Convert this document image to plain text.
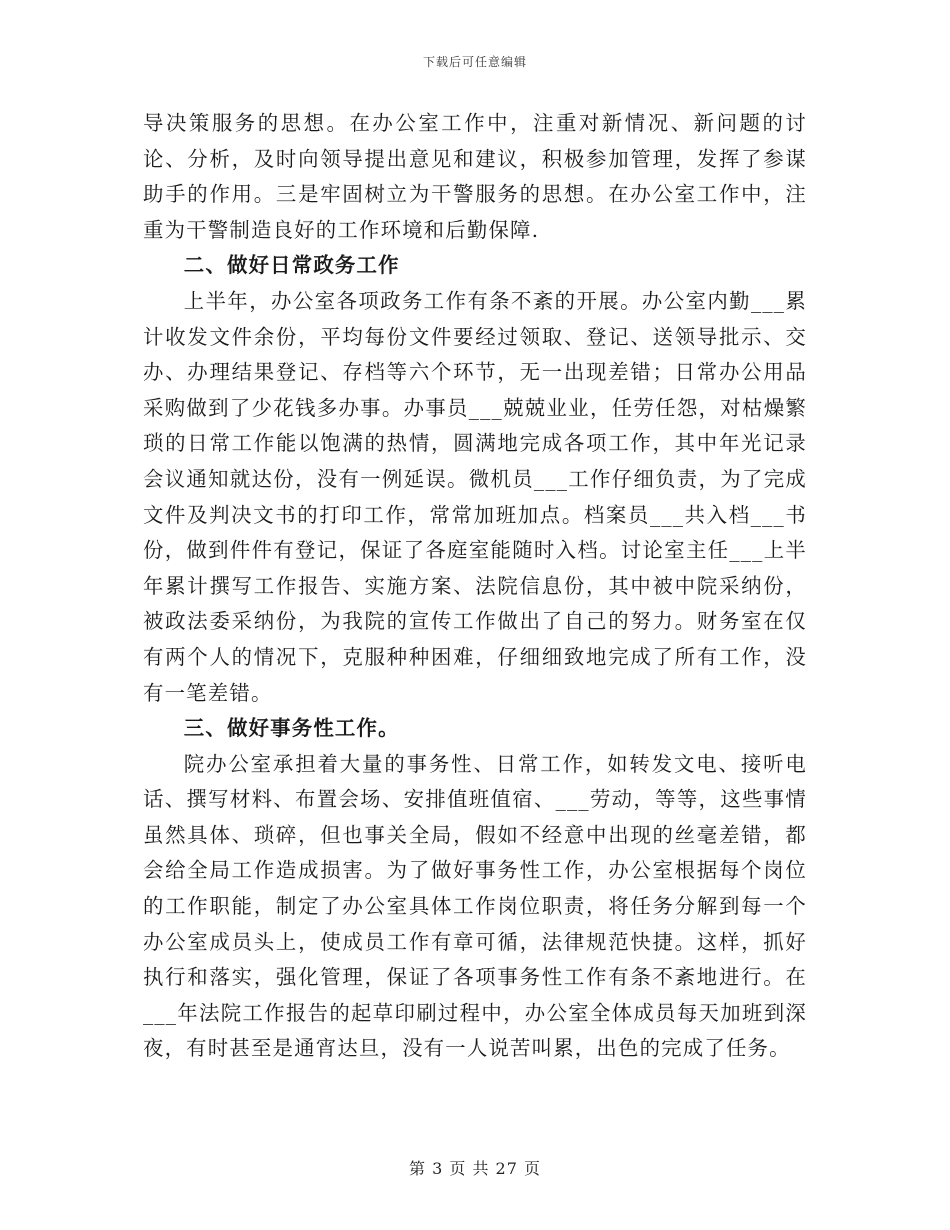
下载后可任意编辑

导决策服务的思想。在办公室工作中，注重对新情况、新问题的讨论、分析，及时向领导提出意见和建议，积极参加管理，发挥了参谋助手的作用。三是牢固树立为干警服务的思想。在办公室工作中，注重为干警制造良好的工作环境和后勤保障.

二、做好日常政务工作

上半年，办公室各项政务工作有条不紊的开展。办公室内勤___累计收发文件余份，平均每份文件要经过领取、登记、送领导批示、交办、办理结果登记、存档等六个环节，无一出现差错；日常办公用品采购做到了少花钱多办事。办事员___兢兢业业，任劳任怨，对枯燥繁琐的日常工作能以饱满的热情，圆满地完成各项工作，其中年光记录会议通知就达份，没有一例延误。微机员___工作仔细负责，为了完成文件及判决文书的打印工作，常常加班加点。档案员___共入档___书份，做到件件有登记，保证了各庭室能随时入档。讨论室主任___上半年累计撰写工作报告、实施方案、法院信息份，其中被中院采纳份，被政法委采纳份，为我院的宣传工作做出了自己的努力。财务室在仅有两个人的情况下，克服种种困难，仔细细致地完成了所有工作，没有一笔差错。

三、做好事务性工作。

院办公室承担着大量的事务性、日常工作，如转发文电、接听电话、撰写材料、布置会场、安排值班值宿、___劳动，等等，这些事情虽然具体、琐碎，但也事关全局，假如不经意中出现的丝毫差错，都会给全局工作造成损害。为了做好事务性工作，办公室根据每个岗位的工作职能，制定了办公室具体工作岗位职责，将任务分解到每一个办公室成员头上，使成员工作有章可循，法律规范快捷。这样，抓好执行和落实，强化管理，保证了各项事务性工作有条不紊地进行。在___年法院工作报告的起草印刷过程中，办公室全体成员每天加班到深夜，有时甚至是通宵达旦，没有一人说苦叫累，出色的完成了任务。

第 3 页 共 27 页
